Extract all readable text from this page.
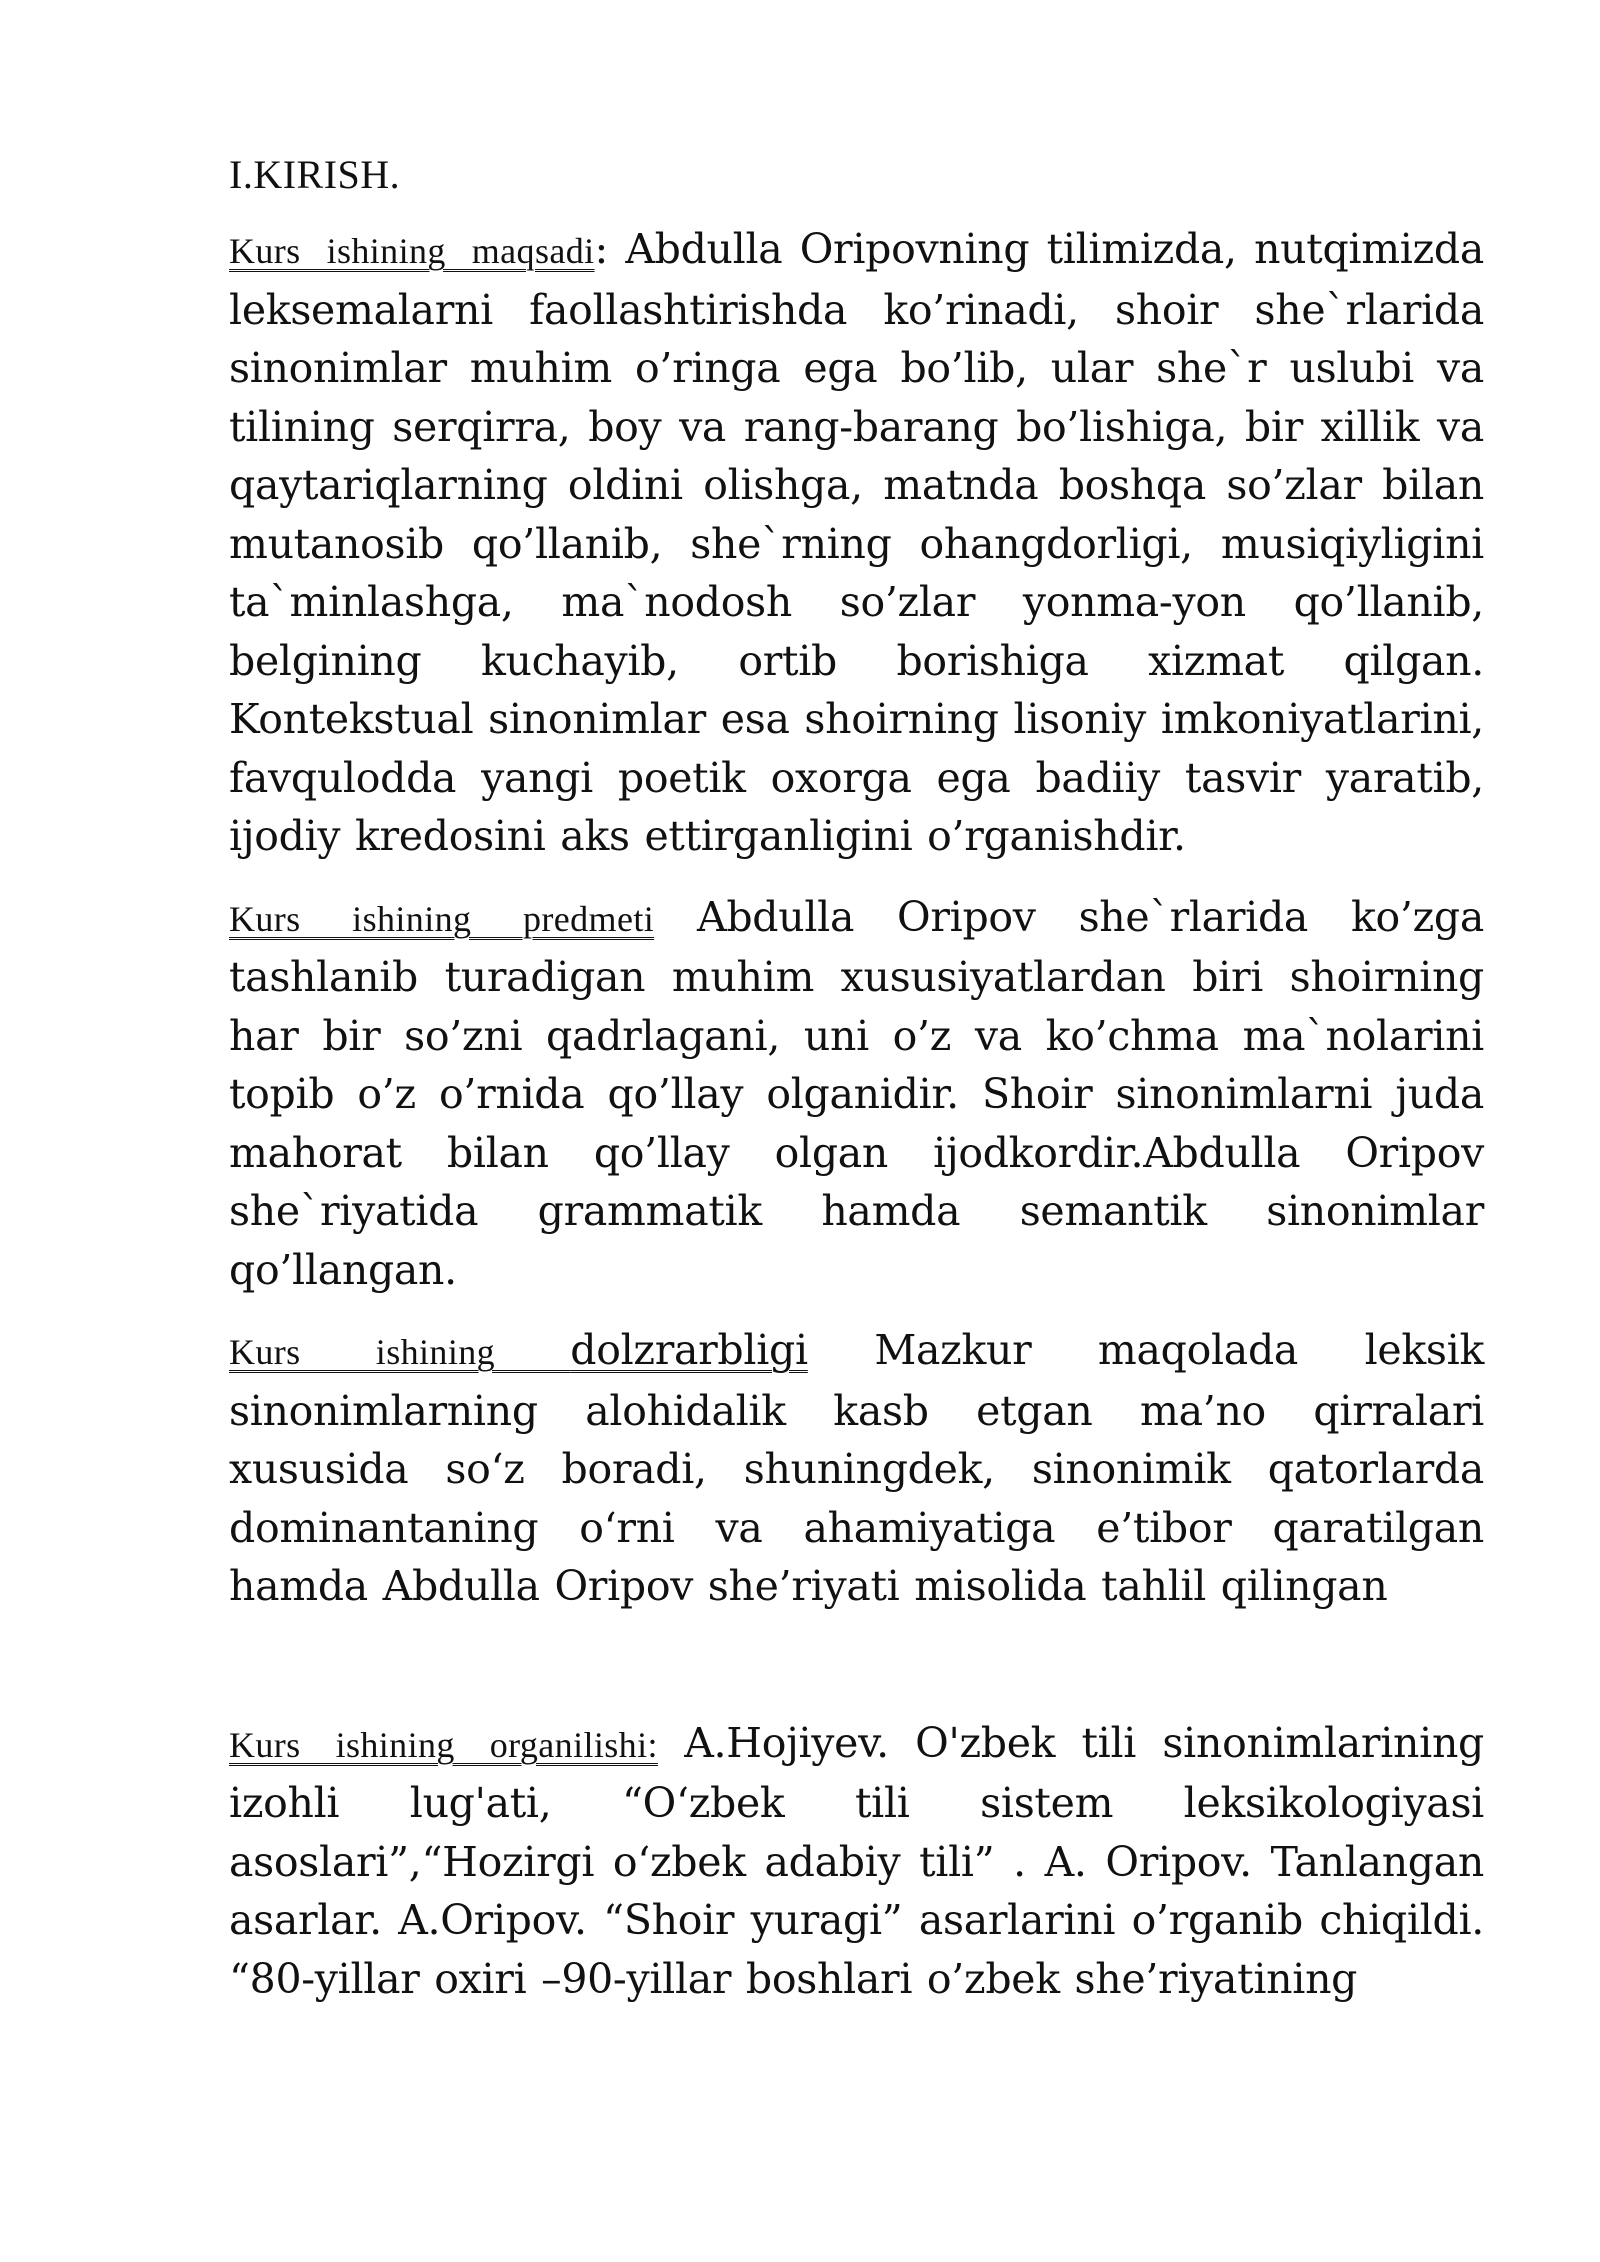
I.KIRISH.

Kurs ishining maqsadi: Abdulla Oripovning tilimizda, nutqimizda leksemalarni faollashtirishda ko’rinadi, shoir she`rlarida sinonimlar muhim o’ringa ega bo’lib, ular she`r uslubi va tilining serqirra, boy va rang-barang bo’lishiga, bir xillik va qaytariqlarning oldini olishga, matnda boshqa so’zlar bilan mutanosib qo’llanib, she`rning ohangdorligi, musiqiyligini ta`minlashga, ma`nodosh so’zlar yonma-yon qo’llanib, belgining kuchayib, ortib borishiga xizmat qilgan. Kontekstual sinonimlar esa shoirning lisoniy imkoniyatlarini, favqulodda yangi poetik oxorga ega badiiy tasvir yaratib, ijodiy kredosini aks ettirganligini o’rganishdir.

Kurs ishining predmeti Abdulla Oripov she`rlarida ko’zga tashlanib turadigan muhim xususiyatlardan biri shoirning har bir so’zni qadrlagani, uni o’z va ko’chma ma`nolarini topib o’z o’rnida qo’llay olganidir. Shoir sinonimlarni juda mahorat bilan qo’llay olgan ijodkordir.Abdulla Oripov she`riyatida grammatik hamda semantik sinonimlar qo’llangan.

Kurs ishining dolzrarbligi Mazkur maqolada leksik sinonimlarning alohidalik kasb etgan ma’no qirralari xususida so‘z boradi, shuningdek, sinonimik qatorlarda dominantaning o‘rni va ahamiyatiga e’tibor qaratilgan hamda Abdulla Oripov she’riyati misolida tahlil qilingan

Kurs ishining organilishi: A.Hojiyev. O'zbek tili sinonimlarining izohli lug'ati, “O‘zbek tili sistem leksikologiyasi asoslari”,“Hozirgi o‘zbek adabiy tili” . A. Oripov. Tanlangan asarlar. A.Oripov. “Shoir yuragi” asarlarini o’rganib chiqildi. “80-yillar oxiri –90-yillar boshlari o’zbek she’riyatining
